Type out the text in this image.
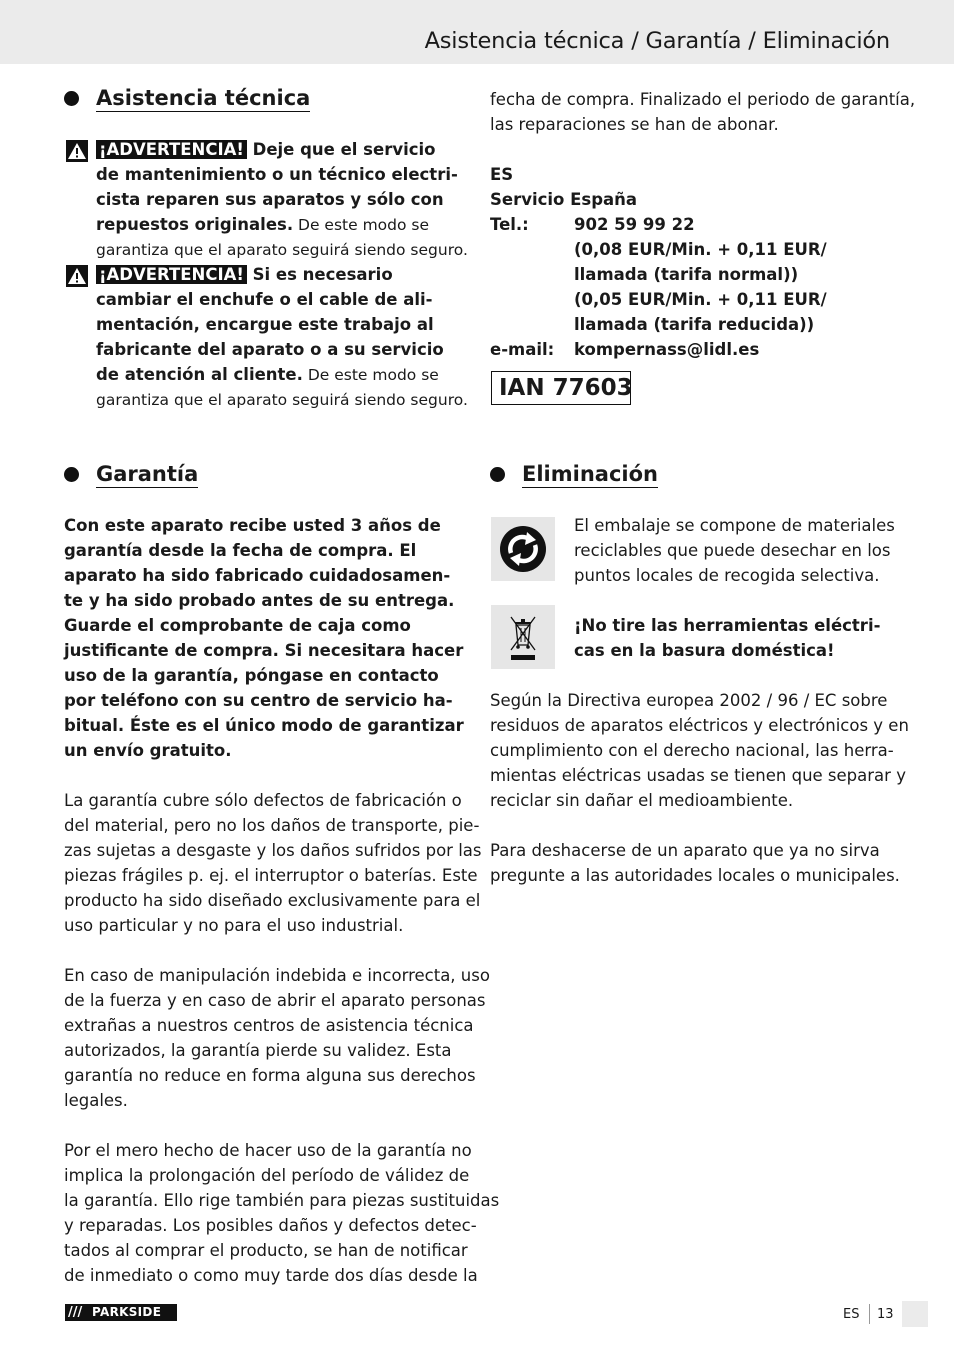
Asistencia técnica / Garantía / Eliminación
Asistencia técnica
¡ADVERTENCIA! Deje que el servicio
de mantenimiento o un técnico electri-
cista reparen sus aparatos y sólo con
repuestos originales. De este modo se
garantiza que el aparato seguirá siendo seguro.
¡ADVERTENCIA! Si es necesario
cambiar el enchufe o el cable de ali-
mentación, encargue este trabajo al
fabricante del aparato o a su servicio
de atención al cliente. De este modo se
garantiza que el aparato seguirá siendo seguro.
Garantía

Con este aparato recibe usted 3 años de

garantía desde la fecha de compra. El

aparato ha sido fabricado cuidadosamen-

te y ha sido probado antes de su entrega.

Guarde el comprobante de caja como

justificante de compra. Si necesitara hacer

uso de la garantía, póngase en contacto

por teléfono con su centro de servicio ha-

bitual. Éste es el único modo de garantizar

un envío gratuito.

La garantía cubre sólo defectos de fabricación o

del material, pero no los daños de transporte, pie-

zas sujetas a desgaste y los daños sufridos por las

piezas frágiles p. ej. el interruptor o baterías. Este

producto ha sido diseñado exclusivamente para el

uso particular y no para el uso industrial.

En caso de manipulación indebida e incorrecta, uso

de la fuerza y en caso de abrir el aparato personas

extrañas a nuestros centros de asistencia técnica

autorizados, la garantía pierde su validez. Esta

garantía no reduce en forma alguna sus derechos

legales.

Por el mero hecho de hacer uso de la garantía no

implica la prolongación del período de válidez de

la garantía. Ello rige también para piezas sustituidas

y reparadas. Los posibles daños y defectos detec-

tados al comprar el producto, se han de notificar

de inmediato o como muy tarde dos días desde la

fecha de compra. Finalizado el periodo de garantía,

las reparaciones se han de abonar.

ES
Servicio España
Tel.:	902 59 99 22
(0,08 EUR/Min. + 0,11 EUR/
llamada (tarifa normal))
(0,05 EUR/Min. + 0,11 EUR/
llamada (tarifa reducida))
e-mail:	kompernass@lidl.es
IAN 77603
Eliminación

El embalaje se compone de materiales

reciclables que puede desechar en los

puntos locales de recogida selectiva.

¡No tire las herramientas eléctri-

cas en la basura doméstica!

Según la Directiva europea 2002 / 96 / EC sobre

residuos de aparatos eléctricos y electrónicos y en

cumplimiento con el derecho nacional, las herra-

mientas eléctricas usadas se tienen que separar y

reciclar sin dañar el medioambiente.

Para deshacerse de un aparato que ya no sirva

pregunte a las autoridades locales o municipales.

/// PARKSIDE	ES 13
